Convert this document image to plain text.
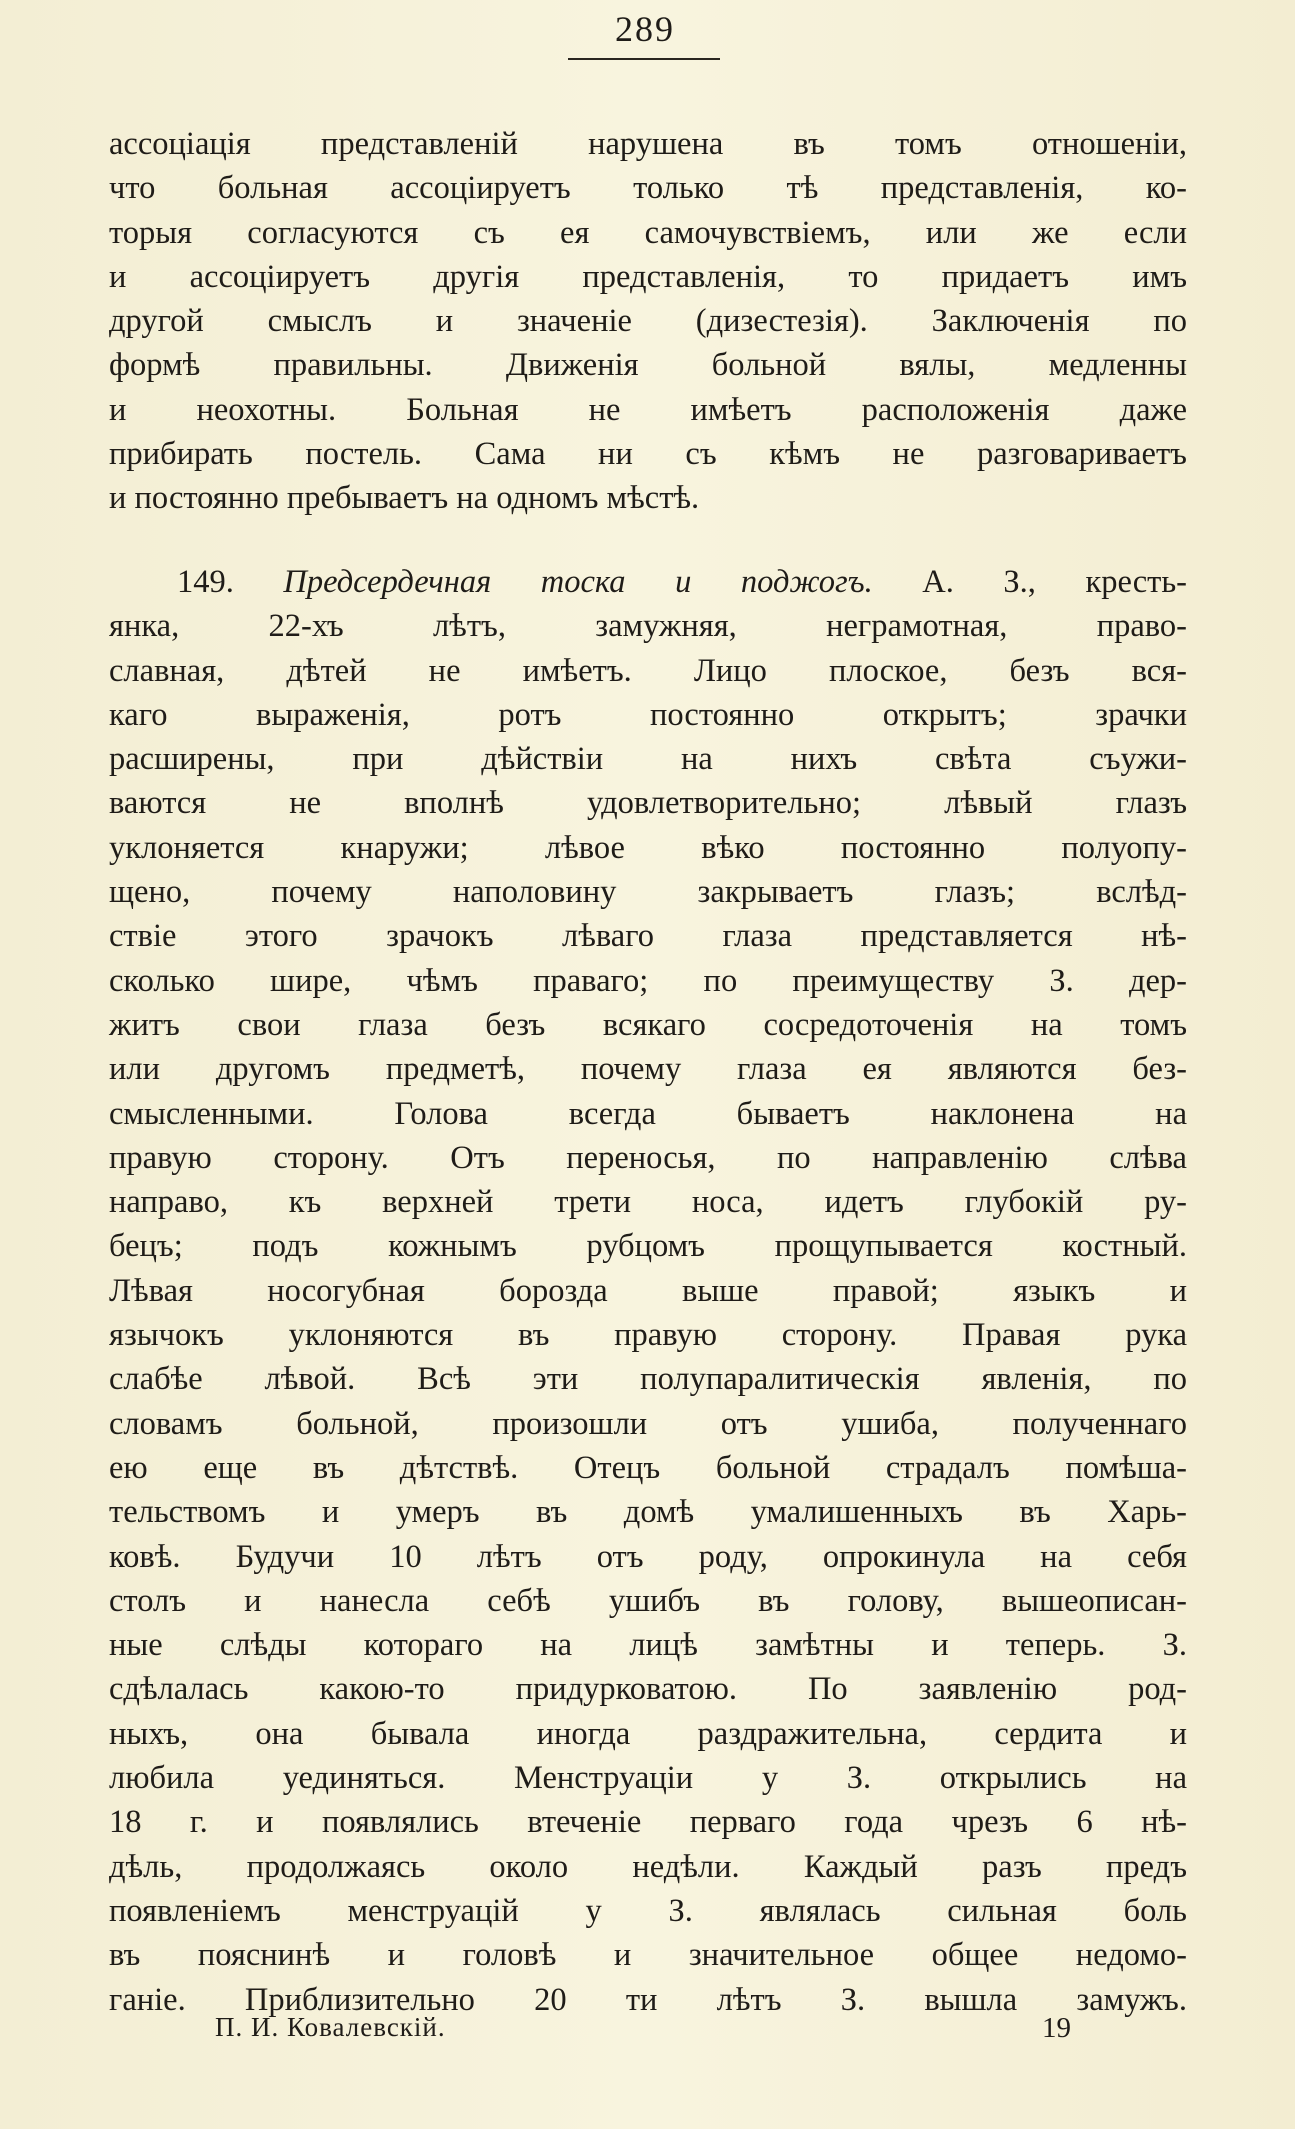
289
ассоціація представленій нарушена въ томъ отношеніи,
что больная ассоціируетъ только тѣ представленія, ко-
торыя согласуются съ ея самочувствіемъ, или же если
и ассоціируетъ другія представленія, то придаетъ имъ
другой смыслъ и значеніе (дизестезія). Заключенія по
формѣ правильны. Движенія больной вялы, медленны
и неохотны. Больная не имѣетъ расположенія даже
прибирать постель. Сама ни съ кѣмъ не разговариваетъ
и постоянно пребываетъ на одномъ мѣстѣ.
149. Предсердечная тоска и поджогъ. А. З., кресть-
янка, 22-хъ лѣтъ, замужняя, неграмотная, право-
славная, дѣтей не имѣетъ. Лицо плоское, безъ вся-
каго выраженія, ротъ постоянно открытъ; зрачки
расширены, при дѣйствіи на нихъ свѣта съужи-
ваются не вполнѣ удовлетворительно; лѣвый глазъ
уклоняется кнаружи; лѣвое вѣко постоянно полуопу-
щено, почему наполовину закрываетъ глазъ; вслѣд-
ствіе этого зрачокъ лѣваго глаза представляется нѣ-
сколько шире, чѣмъ праваго; по преимуществу З. дер-
житъ свои глаза безъ всякаго сосредоточенія на томъ
или другомъ предметѣ, почему глаза ея являются без-
смысленными. Голова всегда бываетъ наклонена на
правую сторону. Отъ переносья, по направленію слѣва
направо, къ верхней трети носа, идетъ глубокій ру-
бецъ; подъ кожнымъ рубцомъ прощупывается костный.
Лѣвая носогубная борозда выше правой; языкъ и
язычокъ уклоняются въ правую сторону. Правая рука
слабѣе лѣвой. Всѣ эти полупаралитическія явленія, по
словамъ больной, произошли отъ ушиба, полученнаго
ею еще въ дѣтствѣ. Отецъ больной страдалъ помѣша-
тельствомъ и умеръ въ домѣ умалишенныхъ въ Харь-
ковѣ. Будучи 10 лѣтъ отъ роду, опрокинула на себя
столъ и нанесла себѣ ушибъ въ голову, вышеописан-
ные слѣды котораго на лицѣ замѣтны и теперь. З.
сдѣлалась какою-то придурковатою. По заявленію род-
ныхъ, она бывала иногда раздражительна, сердита и
любила уединяться. Менструаціи у З. открылись на
18 г. и появлялись втеченіе перваго года чрезъ 6 нѣ-
дѣль, продолжаясь около недѣли. Каждый разъ предъ
появленіемъ менструацій у З. являлась сильная боль
въ пояснинѣ и головѣ и значительное общее недомо-
ганіе. Приблизительно 20 ти лѣтъ З. вышла замужъ.
П. И. Ковалевскій.	19
